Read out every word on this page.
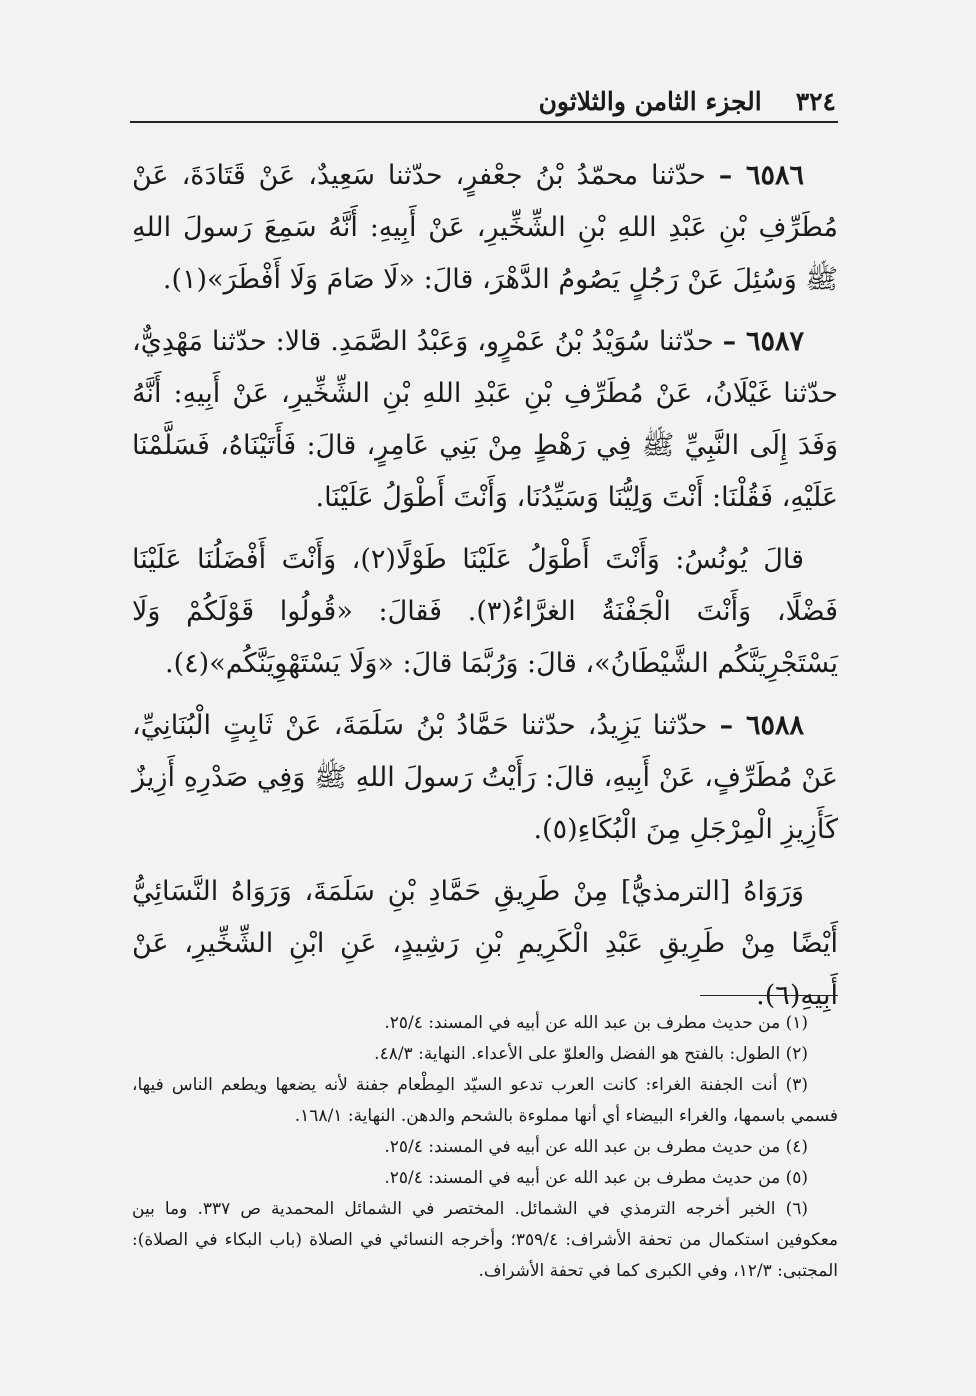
٣٢٤
الجزء الثامن والثلاثون

٦٥٨٦ – حدّثنا محمّدُ بْنُ جعْفرٍ، حدّثنا سَعِيدٌ، عَنْ قَتَادَةَ، عَنْ مُطَرِّفِ بْنِ عَبْدِ اللهِ بْنِ الشِّخِّيرِ، عَنْ أَبِيهِ: أَنَّهُ سَمِعَ رَسولَ اللهِ ﷺ وَسُئِلَ عَنْ رَجُلٍ يَصُومُ الدَّهْرَ، قالَ: «لَا صَامَ وَلَا أَفْطَرَ»(١).

٦٥٨٧ – حدّثنا سُوَيْدُ بْنُ عَمْرٍو، وَعَبْدُ الصَّمَدِ. قالا: حدّثنا مَهْدِيٌّ، حدّثنا غَيْلَانُ، عَنْ مُطَرِّفِ بْنِ عَبْدِ اللهِ بْنِ الشِّخِّيرِ، عَنْ أَبِيهِ: أَنَّهُ وَفَدَ إِلَى النَّبِيِّ ﷺ فِي رَهْطٍ مِنْ بَنِي عَامِرٍ، قالَ: فَأَتَيْنَاهُ، فَسَلَّمْنَا عَلَيْهِ، فَقُلْنَا: أَنْتَ وَلِيُّنَا وَسَيِّدُنَا، وَأَنْتَ أَطْوَلُ عَلَيْنَا.

قالَ يُونُسُ: وَأَنْتَ أَطْوَلُ عَلَيْنَا طَوْلًا(٢)، وَأَنْتَ أَفْضَلُنَا عَلَيْنَا فَضْلًا، وَأَنْتَ الْجَفْنَةُ الغرَّاءُ(٣). فَقالَ: «قُولُوا قَوْلَكُمْ وَلَا يَسْتَجْرِيَنَّكُم الشَّيْطَانُ»، قالَ: وَرُبَّمَا قالَ: «وَلَا يَسْتَهْوِيَنَّكُم»(٤).

٦٥٨٨ – حدّثنا يَزِيدُ، حدّثنا حَمَّادُ بْنُ سَلَمَةَ، عَنْ ثَابِتٍ الْبُنَانِيِّ، عَنْ مُطَرِّفٍ، عَنْ أَبِيهِ، قالَ: رَأَيْتُ رَسولَ اللهِ ﷺ وَفِي صَدْرِهِ أَزِيزٌ كَأَزِيزِ الْمِرْجَلِ مِنَ الْبُكَاءِ(٥).

وَرَوَاهُ [الترمذيُّ] مِنْ طَرِيقِ حَمَّادِ بْنِ سَلَمَةَ، وَرَوَاهُ النَّسَائِيُّ أَيْضًا مِنْ طَرِيقِ عَبْدِ الْكَرِيمِ بْنِ رَشِيدٍ، عَنِ ابْنِ الشِّخِّيرِ، عَنْ أَبِيهِ(٦).

(١) من حديث مطرف بن عبد الله عن أبيه في المسند: ٢٥/٤.

(٢) الطول: بالفتح هو الفضل والعلوّ على الأعداء. النهاية: ٤٨/٣.

(٣) أنت الجفنة الغراء: كانت العرب تدعو السيّد المِطْعام جفنة لأنه يضعها ويطعم الناس فيها، فسمي باسمها، والغراء البيضاء أي أنها مملوءة بالشحم والدهن. النهاية: ١٦٨/١.

(٤) من حديث مطرف بن عبد الله عن أبيه في المسند: ٢٥/٤.

(٥) من حديث مطرف بن عبد الله عن أبيه في المسند: ٢٥/٤.

(٦) الخبر أخرجه الترمذي في الشمائل. المختصر في الشمائل المحمدية ص ٣٣٧. وما بين معكوفين استكمال من تحفة الأشراف: ٣٥٩/٤؛ وأخرجه النسائي في الصلاة (باب البكاء في الصلاة): المجتبى: ١٢/٣، وفي الكبرى كما في تحفة الأشراف.
